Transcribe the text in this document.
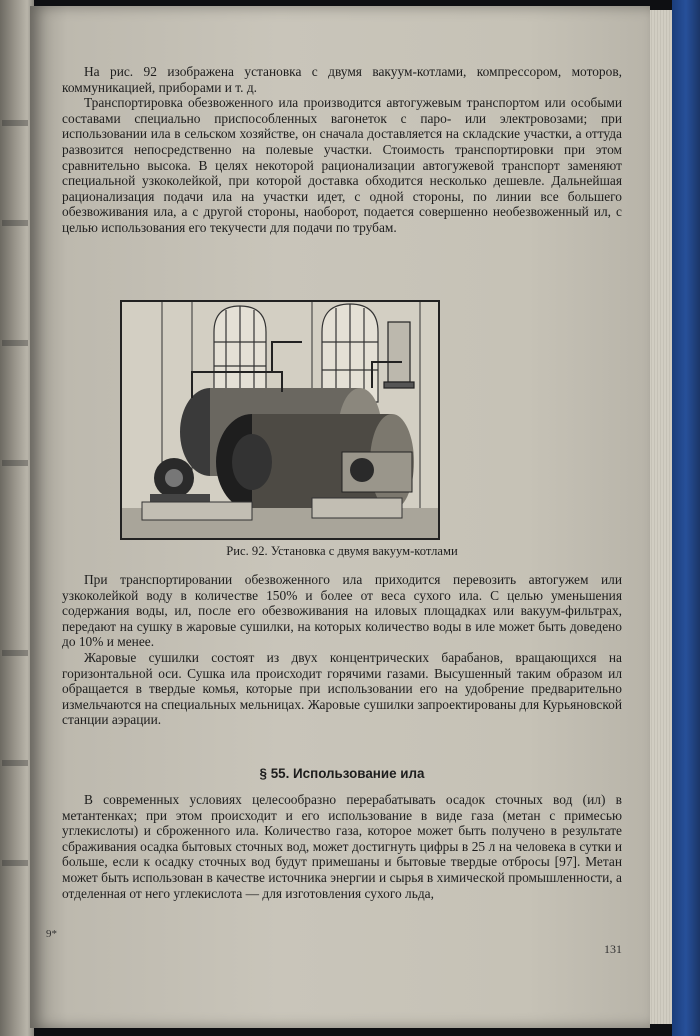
На рис. 92 изображена установка с двумя вакуум-котлами, компрессором, моторов, коммуникацией, приборами и т. д.

Транспортировка обезвоженного ила производится автогужевым транспортом или особыми составами специально приспособленных вагонеток с паро- или электровозами; при использовании ила в сельском хозяйстве, он сначала доставляется на складские участки, а оттуда развозится непосредственно на полевые участки. Стоимость транспортировки при этом сравнительно высока. В целях некоторой рационализации автогужевой транспорт заменяют специальной узкоколейкой, при которой доставка обходится несколько дешевле. Дальнейшая рационализация подачи ила на участки идет, с одной стороны, по линии все большего обезвоживания ила, а с другой стороны, наоборот, подается совершенно необезвоженный ил, с целью использования его текучести для подачи по трубам.

Рис. 92. Установка с двумя вакуум-котлами

При транспортировании обезвоженного ила приходится перевозить автогужем или узкоколейкой воду в количестве 150% и более от веса сухого ила. С целью уменьшения содержания воды, ил, после его обезвоживания на иловых площадках или вакуум-фильтрах, передают на сушку в жаровые сушилки, на которых количество воды в иле может быть доведено до 10% и менее.

Жаровые сушилки состоят из двух концентрических барабанов, вращающихся на горизонтальной оси. Сушка ила происходит горячими газами. Высушенный таким образом ил обращается в твердые комья, которые при использовании его на удобрение предварительно измельчаются на специальных мельницах. Жаровые сушилки запроектированы для Курьяновской станции аэрации.

§ 55. Использование ила

В современных условиях целесообразно перерабатывать осадок сточных вод (ил) в метантенках; при этом происходит и его использование в виде газа (метан с примесью углекислоты) и сброженного ила. Количество газа, которое может быть получено в результате сбраживания осадка бытовых сточных вод, может достигнуть цифры в 25 л на человека в сутки и больше, если к осадку сточных вод будут примешаны и бытовые твердые отбросы [97]. Метан может быть использован в качестве источника энергии и сырья в химической промышленности, а отделенная от него углекислота — для изготовления сухого льда,

9*
131
